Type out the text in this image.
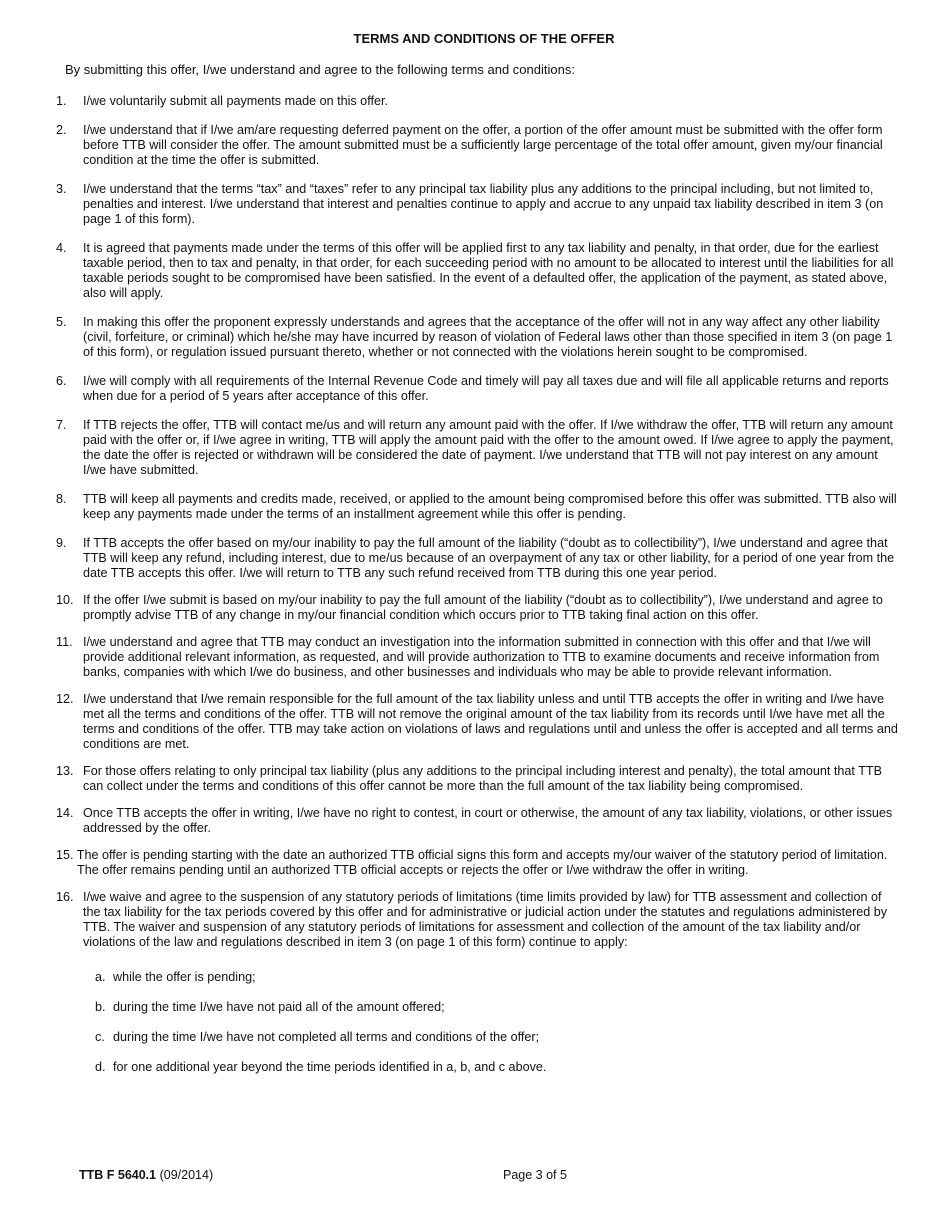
TERMS AND CONDITIONS OF THE OFFER
By submitting this offer, I/we understand and agree to the following terms and conditions:
1. I/we voluntarily submit all payments made on this offer.
2. I/we understand that if I/we am/are requesting deferred payment on the offer, a portion of the offer amount must be submitted with the offer form before TTB will consider the offer. The amount submitted must be a sufficiently large percentage of the total offer amount, given my/our financial condition at the time the offer is submitted.
3. I/we understand that the terms “tax” and “taxes” refer to any principal tax liability plus any additions to the principal including, but not limited to, penalties and interest. I/we understand that interest and penalties continue to apply and accrue to any unpaid tax liability described in item 3 (on page 1 of this form).
4. It is agreed that payments made under the terms of this offer will be applied first to any tax liability and penalty, in that order, due for the earliest taxable period, then to tax and penalty, in that order, for each succeeding period with no amount to be allocated to interest until the liabilities for all taxable periods sought to be compromised have been satisfied. In the event of a defaulted offer, the application of the payment, as stated above, also will apply.
5. In making this offer the proponent expressly understands and agrees that the acceptance of the offer will not in any way affect any other liability (civil, forfeiture, or criminal) which he/she may have incurred by reason of violation of Federal laws other than those specified in item 3 (on page 1 of this form), or regulation issued pursuant thereto, whether or not connected with the violations herein sought to be compromised.
6. I/we will comply with all requirements of the Internal Revenue Code and timely will pay all taxes due and will file all applicable returns and reports when due for a period of 5 years after acceptance of this offer.
7. If TTB rejects the offer, TTB will contact me/us and will return any amount paid with the offer. If I/we withdraw the offer, TTB will return any amount paid with the offer or, if I/we agree in writing, TTB will apply the amount paid with the offer to the amount owed. If I/we agree to apply the payment, the date the offer is rejected or withdrawn will be considered the date of payment. I/we understand that TTB will not pay interest on any amount I/we have submitted.
8. TTB will keep all payments and credits made, received, or applied to the amount being compromised before this offer was submitted. TTB also will keep any payments made under the terms of an installment agreement while this offer is pending.
9. If TTB accepts the offer based on my/our inability to pay the full amount of the liability (“doubt as to collectibility”), I/we understand and agree that TTB will keep any refund, including interest, due to me/us because of an overpayment of any tax or other liability, for a period of one year from the date TTB accepts this offer. I/we will return to TTB any such refund received from TTB during this one year period.
10. If the offer I/we submit is based on my/our inability to pay the full amount of the liability (“doubt as to collectibility”), I/we understand and agree to promptly advise TTB of any change in my/our financial condition which occurs prior to TTB taking final action on this offer.
11. I/we understand and agree that TTB may conduct an investigation into the information submitted in connection with this offer and that I/we will provide additional relevant information, as requested, and will provide authorization to TTB to examine documents and receive information from banks, companies with which I/we do business, and other businesses and individuals who may be able to provide relevant information.
12. I/we understand that I/we remain responsible for the full amount of the tax liability unless and until TTB accepts the offer in writing and I/we have met all the terms and conditions of the offer. TTB will not remove the original amount of the tax liability from its records until I/we have met all the terms and conditions of the offer. TTB may take action on violations of laws and regulations until and unless the offer is accepted and all terms and conditions are met.
13. For those offers relating to only principal tax liability (plus any additions to the principal including interest and penalty), the total amount that TTB can collect under the terms and conditions of this offer cannot be more than the full amount of the tax liability being compromised.
14. Once TTB accepts the offer in writing, I/we have no right to contest, in court or otherwise, the amount of any tax liability, violations, or other issues addressed by the offer.
15. The offer is pending starting with the date an authorized TTB official signs this form and accepts my/our waiver of the statutory period of limitation. The offer remains pending until an authorized TTB official accepts or rejects the offer or I/we withdraw the offer in writing.
16. I/we waive and agree to the suspension of any statutory periods of limitations (time limits provided by law) for TTB assessment and collection of the tax liability for the tax periods covered by this offer and for administrative or judicial action under the statutes and regulations administered by TTB. The waiver and suspension of any statutory periods of limitations for assessment and collection of the amount of the tax liability and/or violations of the law and regulations described in item 3 (on page 1 of this form) continue to apply:
a. while the offer is pending;
b. during the time I/we have not paid all of the amount offered;
c. during the time I/we have not completed all terms and conditions of the offer;
d. for one additional year beyond the time periods identified in a, b, and c above.
TTB F 5640.1 (09/2014)	Page 3 of 5
